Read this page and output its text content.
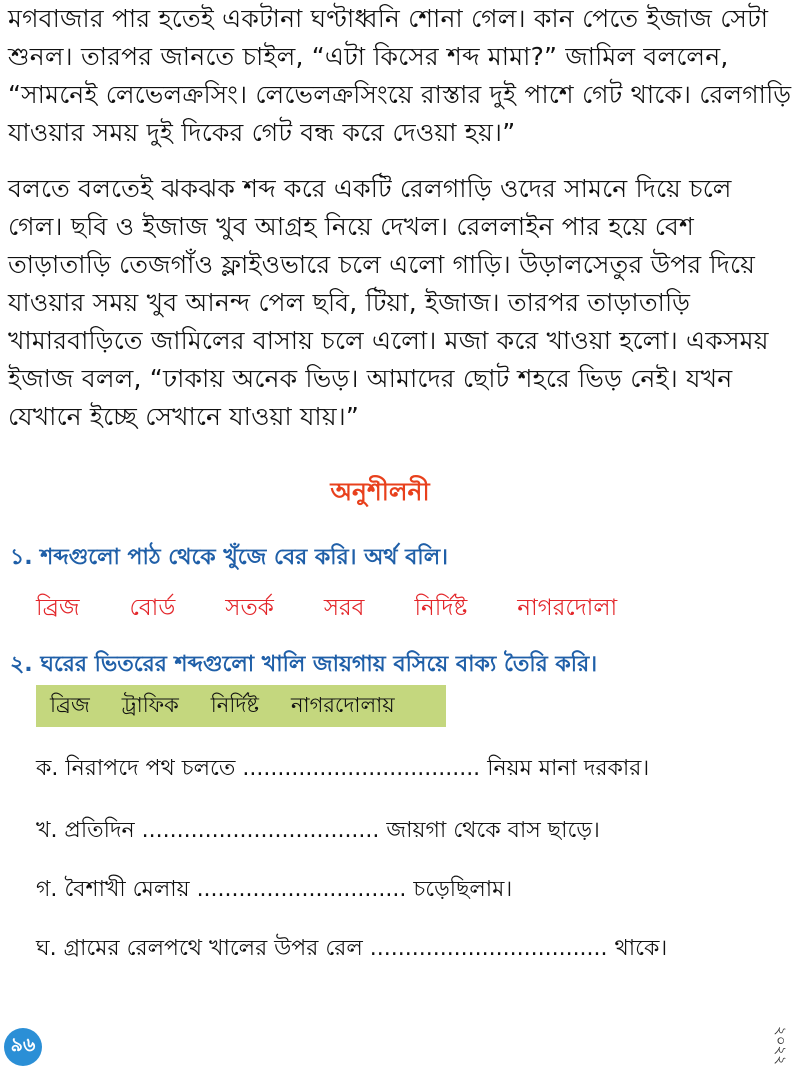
মগবাজার পার হতেই একটানা ঘণ্টাধ্বনি শোনা গেল। কান পেতে ইজাজ সেটা শুনল। তারপর জানতে চাইল, “এটা কিসের শব্দ মামা?” জামিল বললেন, “সামনেই লেভেলক্রসিং। লেভেলক্রসিংয়ে রাস্তার দুই পাশে গেট থাকে। রেলগাড়ি যাওয়ার সময় দুই দিকের গেট বন্ধ করে দেওয়া হয়।”

বলতে বলতেই ঝকঝক শব্দ করে একটি রেলগাড়ি ওদের সামনে দিয়ে চলে গেল। ছবি ও ইজাজ খুব আগ্রহ নিয়ে দেখল। রেললাইন পার হয়ে বেশ তাড়াতাড়ি তেজগাঁও ফ্লাইওভারে চলে এলো গাড়ি। উড়ালসেতুর উপর দিয়ে যাওয়ার সময় খুব আনন্দ পেল ছবি, টিয়া, ইজাজ। তারপর তাড়াতাড়ি খামারবাড়িতে জামিলের বাসায় চলে এলো। মজা করে খাওয়া হলো। একসময় ইজাজ বলল, “ঢাকায় অনেক ভিড়। আমাদের ছোট শহরে ভিড় নেই। যখন যেখানে ইচ্ছে সেখানে যাওয়া যায়।”

অনুশীলনী
১. শব্দগুলো পাঠ থেকে খুঁজে বের করি। অর্থ বলি।
ব্রিজ বোর্ড সতর্ক সরব নির্দিষ্ট নাগরদোলা
২. ঘরের ভিতরের শব্দগুলো খালি জায়গায় বসিয়ে বাক্য তৈরি করি।
ব্রিজ ট্রাফিক নির্দিষ্ট নাগরদোলায়
ক. নিরাপদে পথ চলতে .................................. নিয়ম মানা দরকার।
খ. প্রতিদিন .................................. জায়গা থেকে বাস ছাড়ে।
গ. বৈশাখী মেলায় .............................. চড়েছিলাম।
ঘ. গ্রামের রেলপথে খালের উপর রেল .................................. থাকে।
৯৬	২০২২
